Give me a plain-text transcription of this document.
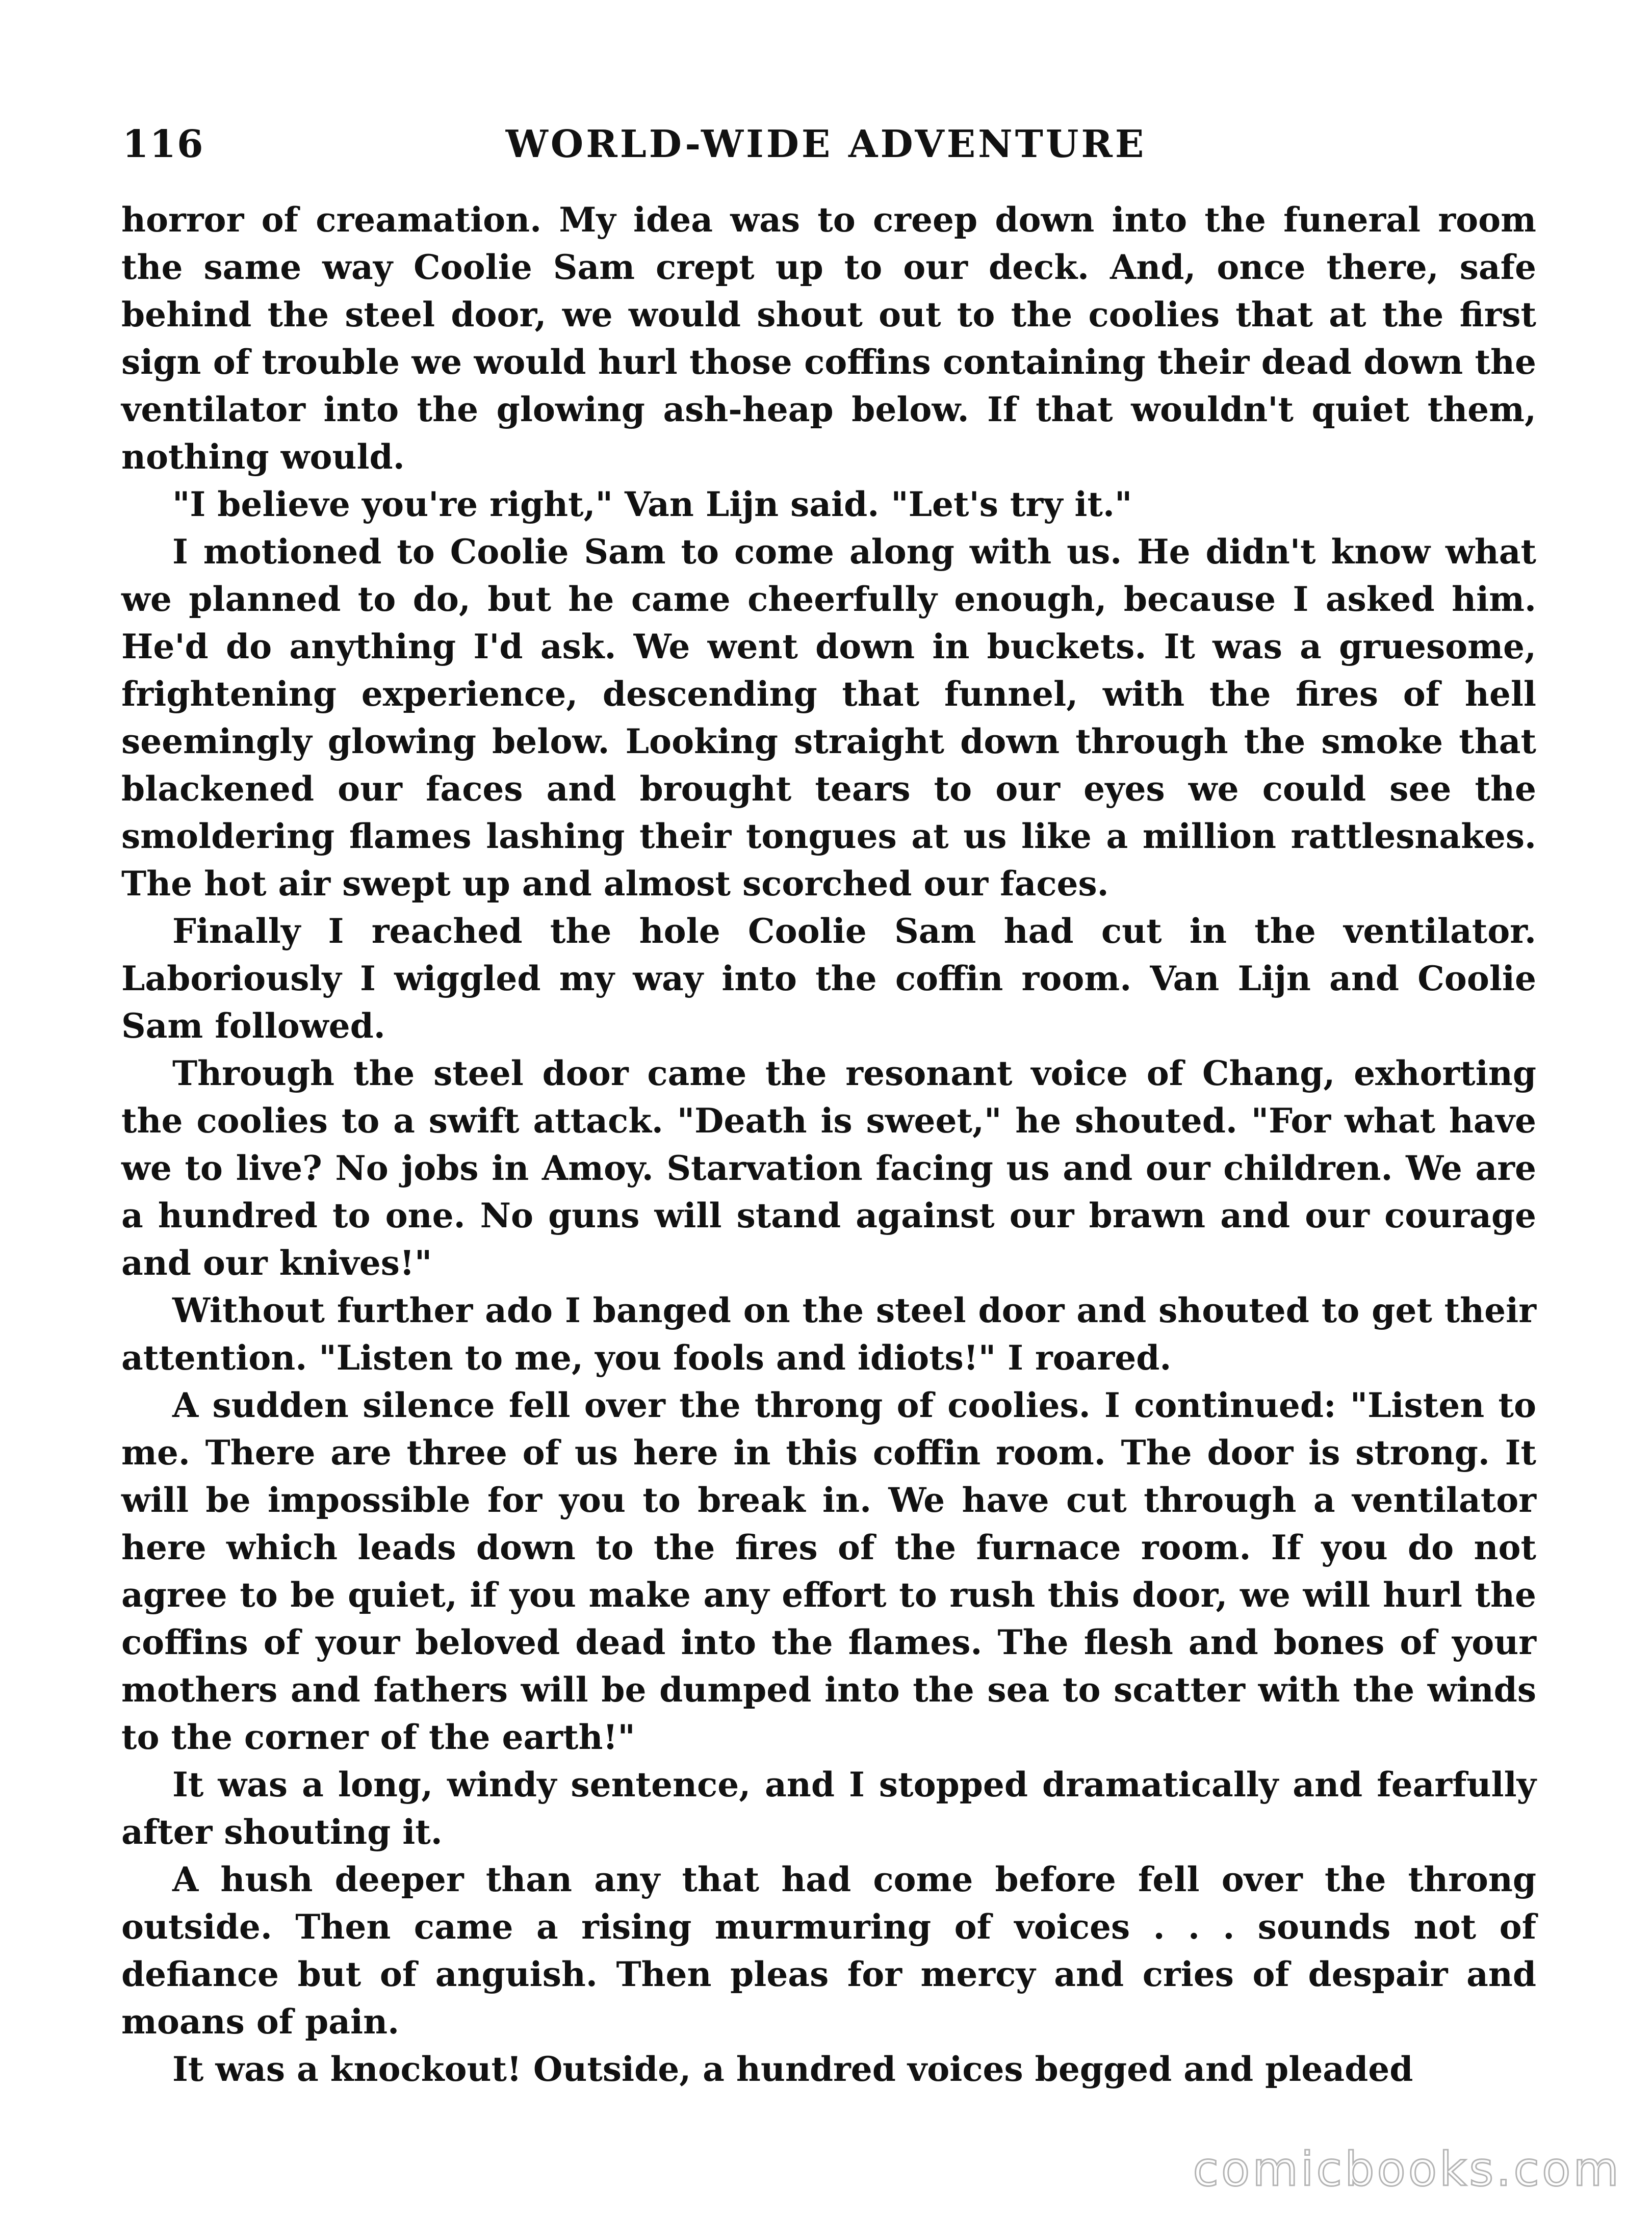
116	WORLD-WIDE ADVENTURE

horror of creamation. My idea was to creep down into the funeral room the same way Coolie Sam crept up to our deck. And, once there, safe behind the steel door, we would shout out to the coolies that at the first sign of trouble we would hurl those coffins containing their dead down the ventilator into the glowing ash-heap below. If that wouldn't quiet them, nothing would.

"I believe you're right," Van Lijn said. "Let's try it."

I motioned to Coolie Sam to come along with us. He didn't know what we planned to do, but he came cheerfully enough, because I asked him. He'd do anything I'd ask. We went down in buckets. It was a gruesome, frightening experience, descending that funnel, with the fires of hell seemingly glowing below. Looking straight down through the smoke that blackened our faces and brought tears to our eyes we could see the smoldering flames lashing their tongues at us like a million rattlesnakes. The hot air swept up and almost scorched our faces.

Finally I reached the hole Coolie Sam had cut in the ventilator. Laboriously I wiggled my way into the coffin room. Van Lijn and Coolie Sam followed.

Through the steel door came the resonant voice of Chang, exhorting the coolies to a swift attack. "Death is sweet," he shouted. "For what have we to live? No jobs in Amoy. Starvation facing us and our children. We are a hundred to one. No guns will stand against our brawn and our courage and our knives!"

Without further ado I banged on the steel door and shouted to get their attention. "Listen to me, you fools and idiots!" I roared.

A sudden silence fell over the throng of coolies. I continued: "Listen to me. There are three of us here in this coffin room. The door is strong. It will be impossible for you to break in. We have cut through a ventilator here which leads down to the fires of the furnace room. If you do not agree to be quiet, if you make any effort to rush this door, we will hurl the coffins of your beloved dead into the flames. The flesh and bones of your mothers and fathers will be dumped into the sea to scatter with the winds to the corner of the earth!"

It was a long, windy sentence, and I stopped dramatically and fearfully after shouting it.

A hush deeper than any that had come before fell over the throng outside. Then came a rising murmuring of voices . . . sounds not of defiance but of anguish. Then pleas for mercy and cries of despair and moans of pain.

It was a knockout! Outside, a hundred voices begged and pleaded

comicbooks.com
